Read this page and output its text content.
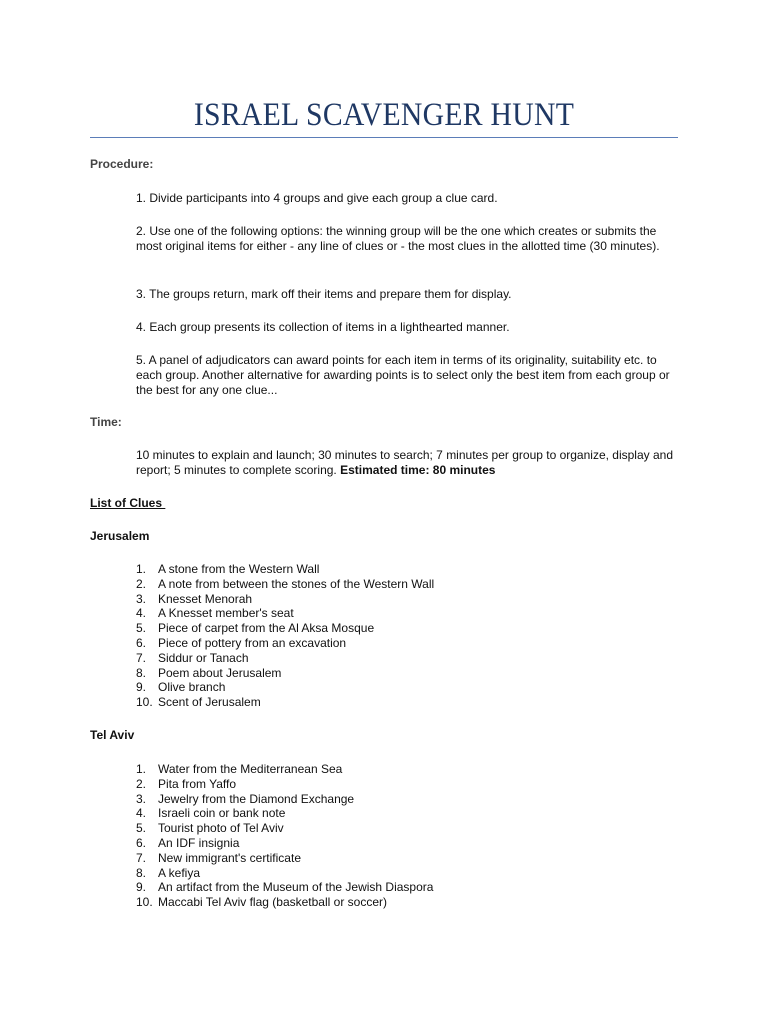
ISRAEL SCAVENGER HUNT
Procedure:
1. Divide participants into 4 groups and give each group a clue card.
2. Use one of the following options: the winning group will be the one which creates or submits the most original items for either - any line of clues or - the most clues in the allotted time (30 minutes).
3. The groups return, mark off their items and prepare them for display.
4. Each group presents its collection of items in a lighthearted manner.
5. A panel of adjudicators can award points for each item in terms of its originality, suitability etc. to each group. Another alternative for awarding points is to select only the best item from each group or the best for any one clue...
Time:
10 minutes to explain and launch; 30 minutes to search; 7 minutes per group to organize, display and report; 5 minutes to complete scoring. Estimated time: 80 minutes
List of Clues
Jerusalem
1. A stone from the Western Wall
2. A note from between the stones of the Western Wall
3. Knesset Menorah
4. A Knesset member's seat
5. Piece of carpet from the Al Aksa Mosque
6. Piece of pottery from an excavation
7. Siddur or Tanach
8. Poem about Jerusalem
9. Olive branch
10. Scent of Jerusalem
Tel Aviv
1. Water from the Mediterranean Sea
2. Pita from Yaffo
3. Jewelry from the Diamond Exchange
4. Israeli coin or bank note
5. Tourist photo of Tel Aviv
6. An IDF insignia
7. New immigrant's certificate
8. A kefiya
9. An artifact from the Museum of the Jewish Diaspora
10. Maccabi Tel Aviv flag (basketball or soccer)
